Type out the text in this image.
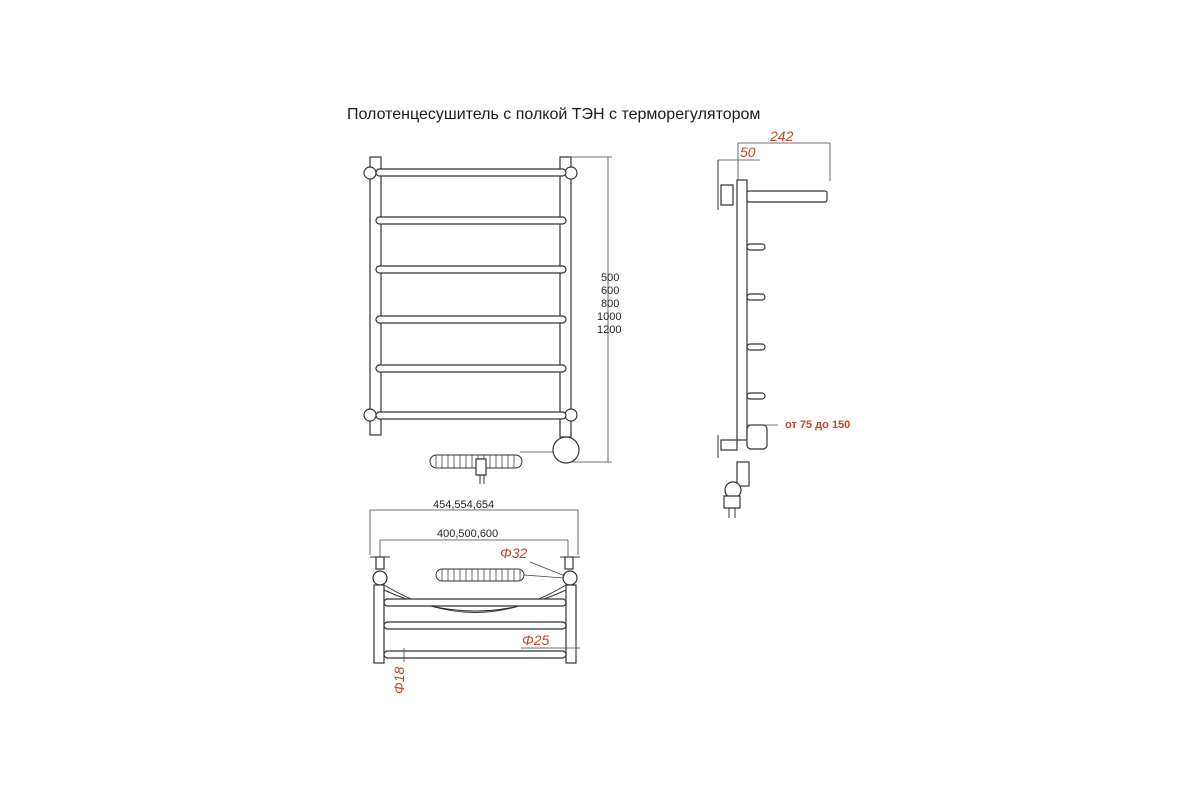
Полотенцесушитель с полкой ТЭН с терморегулятором
500
600
800
1000
1200
242
50
от 75 до 150
454,554,654
400,500,600
Φ32
Φ25
Φ18
